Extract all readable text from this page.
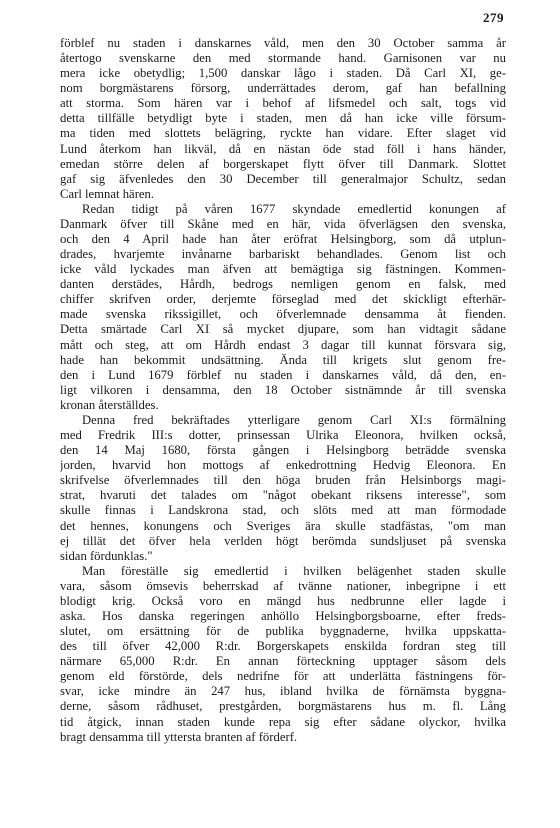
279
förblef nu staden i danskarnes våld, men den 30 October samma år
återtogo svenskarne den med stormande hand. Garnisonen var nu
mera icke obetydlig; 1,500 danskar lågo i staden. Då Carl XI, ge-
nom borgmästarens försorg, underrättades derom, gaf han befallning
att storma. Som hären var i behof af lifsmedel och salt, togs vid
detta tillfälle betydligt byte i staden, men då han icke ville försum-
ma tiden med slottets belägring, ryckte han vidare. Efter slaget vid
Lund återkom han likväl, då en nästan öde stad föll i hans händer,
emedan större delen af borgerskapet flytt öfver till Danmark. Slottet
gaf sig äfvenledes den 30 December till generalmajor Schultz, sedan
Carl lemnat hären.
Redan tidigt på våren 1677 skyndade emedlertid konungen af
Danmark öfver till Skåne med en här, vida öfverlägsen den svenska,
och den 4 April hade han åter eröfrat Helsingborg, som då utplun-
drades, hvarjemte invånarne barbariskt behandlades. Genom list och
icke våld lyckades man äfven att bemägtiga sig fästningen. Kommen-
danten derstädes, Hårdh, bedrogs nemligen genom en falsk, med
chiffer skrifven order, derjemte förseglad med det skickligt efterhär-
made svenska rikssigillet, och öfverlemnade densamma åt fienden.
Detta smärtade Carl XI så mycket djupare, som han vidtagit sådane
mått och steg, att om Hårdh endast 3 dagar till kunnat försvara sig,
hade han bekommit undsättning. Ända till krigets slut genom fre-
den i Lund 1679 förblef nu staden i danskarnes våld, då den, en-
ligt vilkoren i densamma, den 18 October sistnämnde år till svenska
kronan återställdes.
Denna fred bekräftades ytterligare genom Carl XI:s förmälning
med Fredrik III:s dotter, prinsessan Ulrika Eleonora, hvilken också,
den 14 Maj 1680, första gången i Helsingborg beträdde svenska
jorden, hvarvid hon mottogs af enkedrottning Hedvig Eleonora. En
skrifvelse öfverlemnades till den höga bruden från Helsinborgs magi-
strat, hvaruti det talades om "något obekant riksens interesse", som
skulle finnas i Landskrona stad, och slöts med att man förmodade
det hennes, konungens och Sveriges ära skulle stadfästas, "om man
ej tillät det öfver hela verlden högt berömda sundsljuset på svenska
sidan fördunklas."
Man föreställe sig emedlertid i hvilken belägenhet staden skulle
vara, såsom ömsevis beherrskad af tvänne nationer, inbegripne i ett
blodigt krig. Också voro en mängd hus nedbrunne eller lagde i
aska. Hos danska regeringen anhöllo Helsingborgsboarne, efter freds-
slutet, om ersättning för de publika byggnaderne, hvilka uppskatta-
des till öfver 42,000 R:dr. Borgerskapets enskilda fordran steg till
närmare 65,000 R:dr. En annan förteckning upptager såsom dels
genom eld förstörde, dels nedrifne för att underlätta fästningens för-
svar, icke mindre än 247 hus, ibland hvilka de förnämsta byggna-
derne, såsom rådhuset, prestgården, borgmästarens hus m. fl. Lång
tid åtgick, innan staden kunde repa sig efter sådane olyckor, hvilka
bragt densamma till yttersta branten af förderf.
